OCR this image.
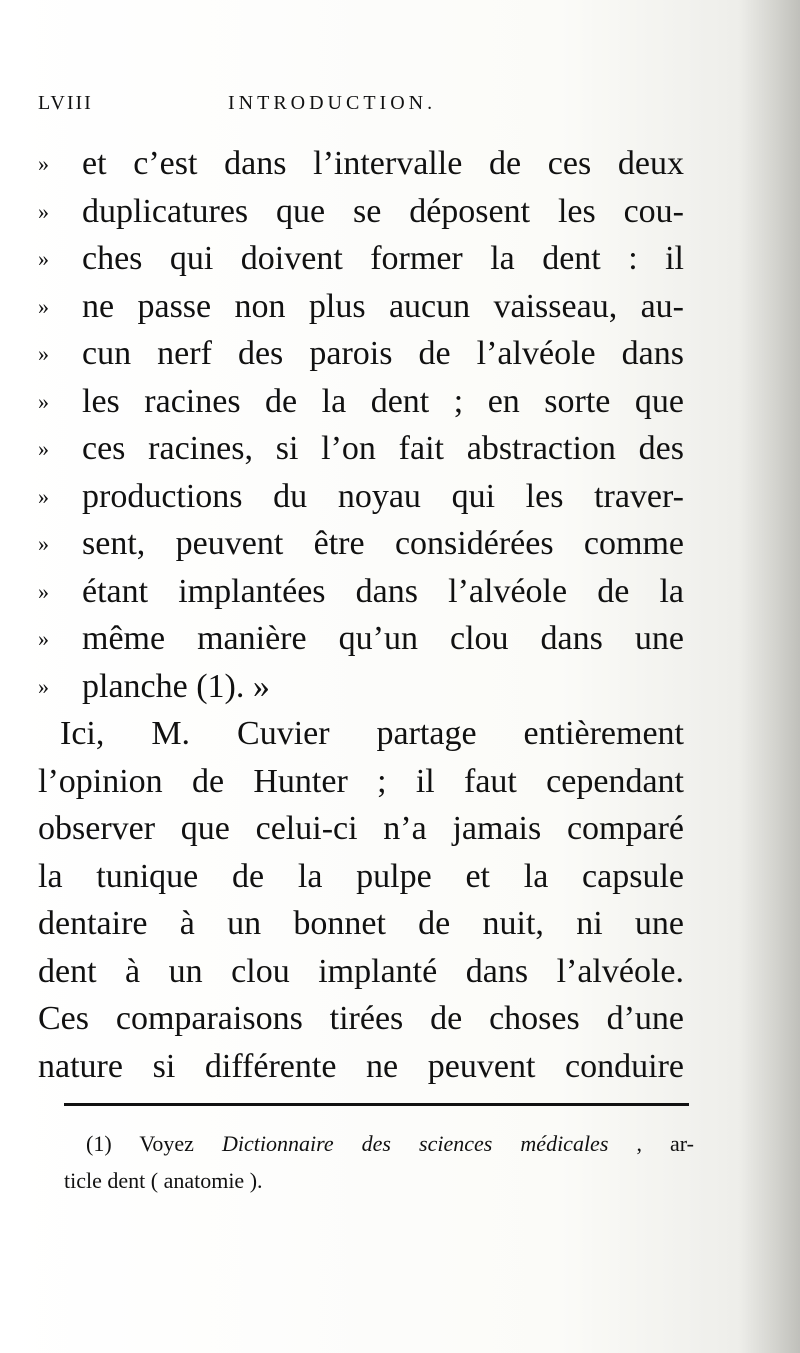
LVIII	INTRODUCTION.
» et c’est dans l’intervalle de ces deux
» duplicatures que se déposent les cou-
» ches qui doivent former la dent : il
» ne passe non plus aucun vaisseau, au-
» cun nerf des parois de l’alvéole dans
» les racines de la dent ; en sorte que
» ces racines, si l’on fait abstraction des
» productions du noyau qui les traver-
» sent, peuvent être considérées comme
» étant implantées dans l’alvéole de la
» même manière qu’un clou dans une
» planche (1). »
Ici, M. Cuvier partage entièrement
l’opinion de Hunter ; il faut cependant
observer que celui-ci n’a jamais comparé
la tunique de la pulpe et la capsule
dentaire à un bonnet de nuit, ni une
dent à un clou implanté dans l’alvéole.
Ces comparaisons tirées de choses d’une
nature si différente ne peuvent conduire
(1) Voyez Dictionnaire des sciences médicales , ar-
ticle dent ( anatomie ).
